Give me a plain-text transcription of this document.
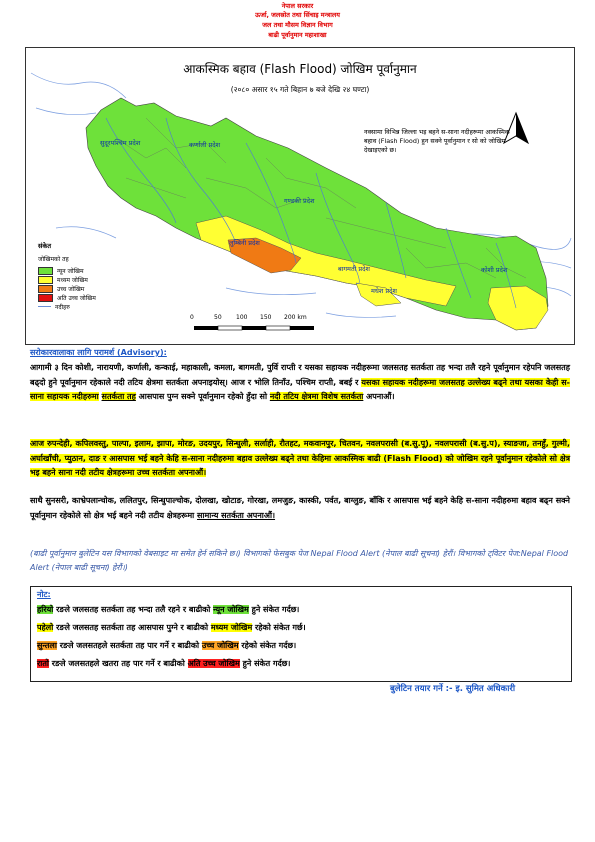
नेपाल सरकार
ऊर्जा, जलस्रोत तथा सिंचाइ मन्त्रालय
जल तथा मौसम विज्ञान विभाग
बाढी पूर्वानुमान महाशाखा
आकस्मिक बहाव (Flash Flood) जोखिम पूर्वानुमान
(२०८० असार १५ गते बिहान ७ बजे देखि २४ घण्टा)
सुदूरपश्चिम प्रदेश	कर्णाली प्रदेश
गण्डकी प्रदेश
लुम्बिनी प्रदेश
बागमती प्रदेश
मधेश प्रदेश
कोशी प्रदेश
नक्सामा विभिन्न जिल्ला भइ बहने स-साना नदीहरूमा आकस्मिक बहाव (Flash Flood) हुन सक्ने पूर्वानुमान र सो को जोखिम देखाइएको छ।
संकेत
जोखिमको तह
न्यून जोखिम
मध्यम जोखिम
उच्च जोखिम
अति उच्च जोखिम
नदीहरु
0	50 100 150 200 km
सरोकारवालाका लागि परामर्श (Advisory):
आगामी ३ दिन कोशी, नारायणी, कर्णाली, कन्काई, महाकाली, कमला, बागमती, पुर्वि राप्ती र यसका सहायक नदीहरूमा जलसतह सतर्कता तह भन्दा तलै रहने पूर्वानुमान रहेपनि जलसतह बढ्दो हुने पूर्वानुमान रहेकाले नदी तटिय क्षेत्रमा सतर्कता अपनाइयोस्। आज र भोलि तिनाँउ, पश्चिम राप्ती, बबई र यसका सहायक नदीहरूमा जलसतह उल्लेख्य बढ्ने तथा यसका केही स-साना सहायक नदीहरुमा सतर्कता तह आसपास पुग्न सक्ने पूर्वानुमान रहेको हुँदा सो नदी तटिय क्षेत्रमा विशेष सतर्कता अपनाऔं।
आज रुपन्देही, कपिलवस्तु, पाल्पा, इलाम, झापा, मोरङ, उदयपुर, सिन्धुली, सर्लाही, रौतहट, मकवानपुर, चितवन, नवलपरासी (ब.सु.पू), नवलपरासी (ब.सु.प), स्याङजा, तनहुँ, गुल्मी, अर्घाखाँची, प्युठान, दाङ र आसपास भई बहने केहि स-साना नदीहरुमा बहाव उल्लेख्य बढ्ने तथा केहिमा आकस्मिक बाढी (Flash Flood) को जोखिम रहने पूर्वानुमान रहेकोले सो क्षेत्र भइ बहने साना नदी तटीय क्षेत्रहरूमा उच्च सतर्कता अपनाऔं।
साथै सुनसरी, काभ्रेपलान्चोक, ललितपुर, सिन्धुपाल्चोक, दोलखा, खोटाङ, गोरखा, लमजुङ, कास्की, पर्वत, बाग्लुङ, बाँकि र आसपास भई बहने केहि स-साना नदीहरुमा बहाव बढ्न सक्ने पूर्वानुमान रहेकोले सो क्षेत्र भई बहने नदी तटीय क्षेत्रहरूमा सामान्य सतर्कता अपनाऔं।
(बाढी पूर्वानुमान बुलेटिन यस विभागको वेबसाइट मा समेत हेर्न सकिने छ।) विभागको फेसबुक पेज Nepal Flood Alert (नेपाल बाढी सूचना) हेरौं। विभागको ट्विटर पेज:Nepal Flood Alert (नेपाल बाढी सूचना) हेरौं।)
नोट:
हरियो रङले जलसतह सतर्कता तह भन्दा तलै रहने र बाढीको न्यून जोखिम हुने संकेत गर्दछ।
पहेलो रङले जलसतह सतर्कता तह आसपास पुग्ने र बाढीको मध्यम जोखिम रहेको संकेत गर्छ।
सुन्तला रङले जलसतहले सतर्कता तह पार गर्ने र बाढीको उच्च जोखिम रहेको संकेत गर्दछ।
रातो रङले जलसतहले खतरा तह पार गर्ने र बाढीको अति उच्च जोखिम हुने संकेत गर्दछ।
बुलेटिन तयार गर्ने :- इ. सुमित अधिकारी
